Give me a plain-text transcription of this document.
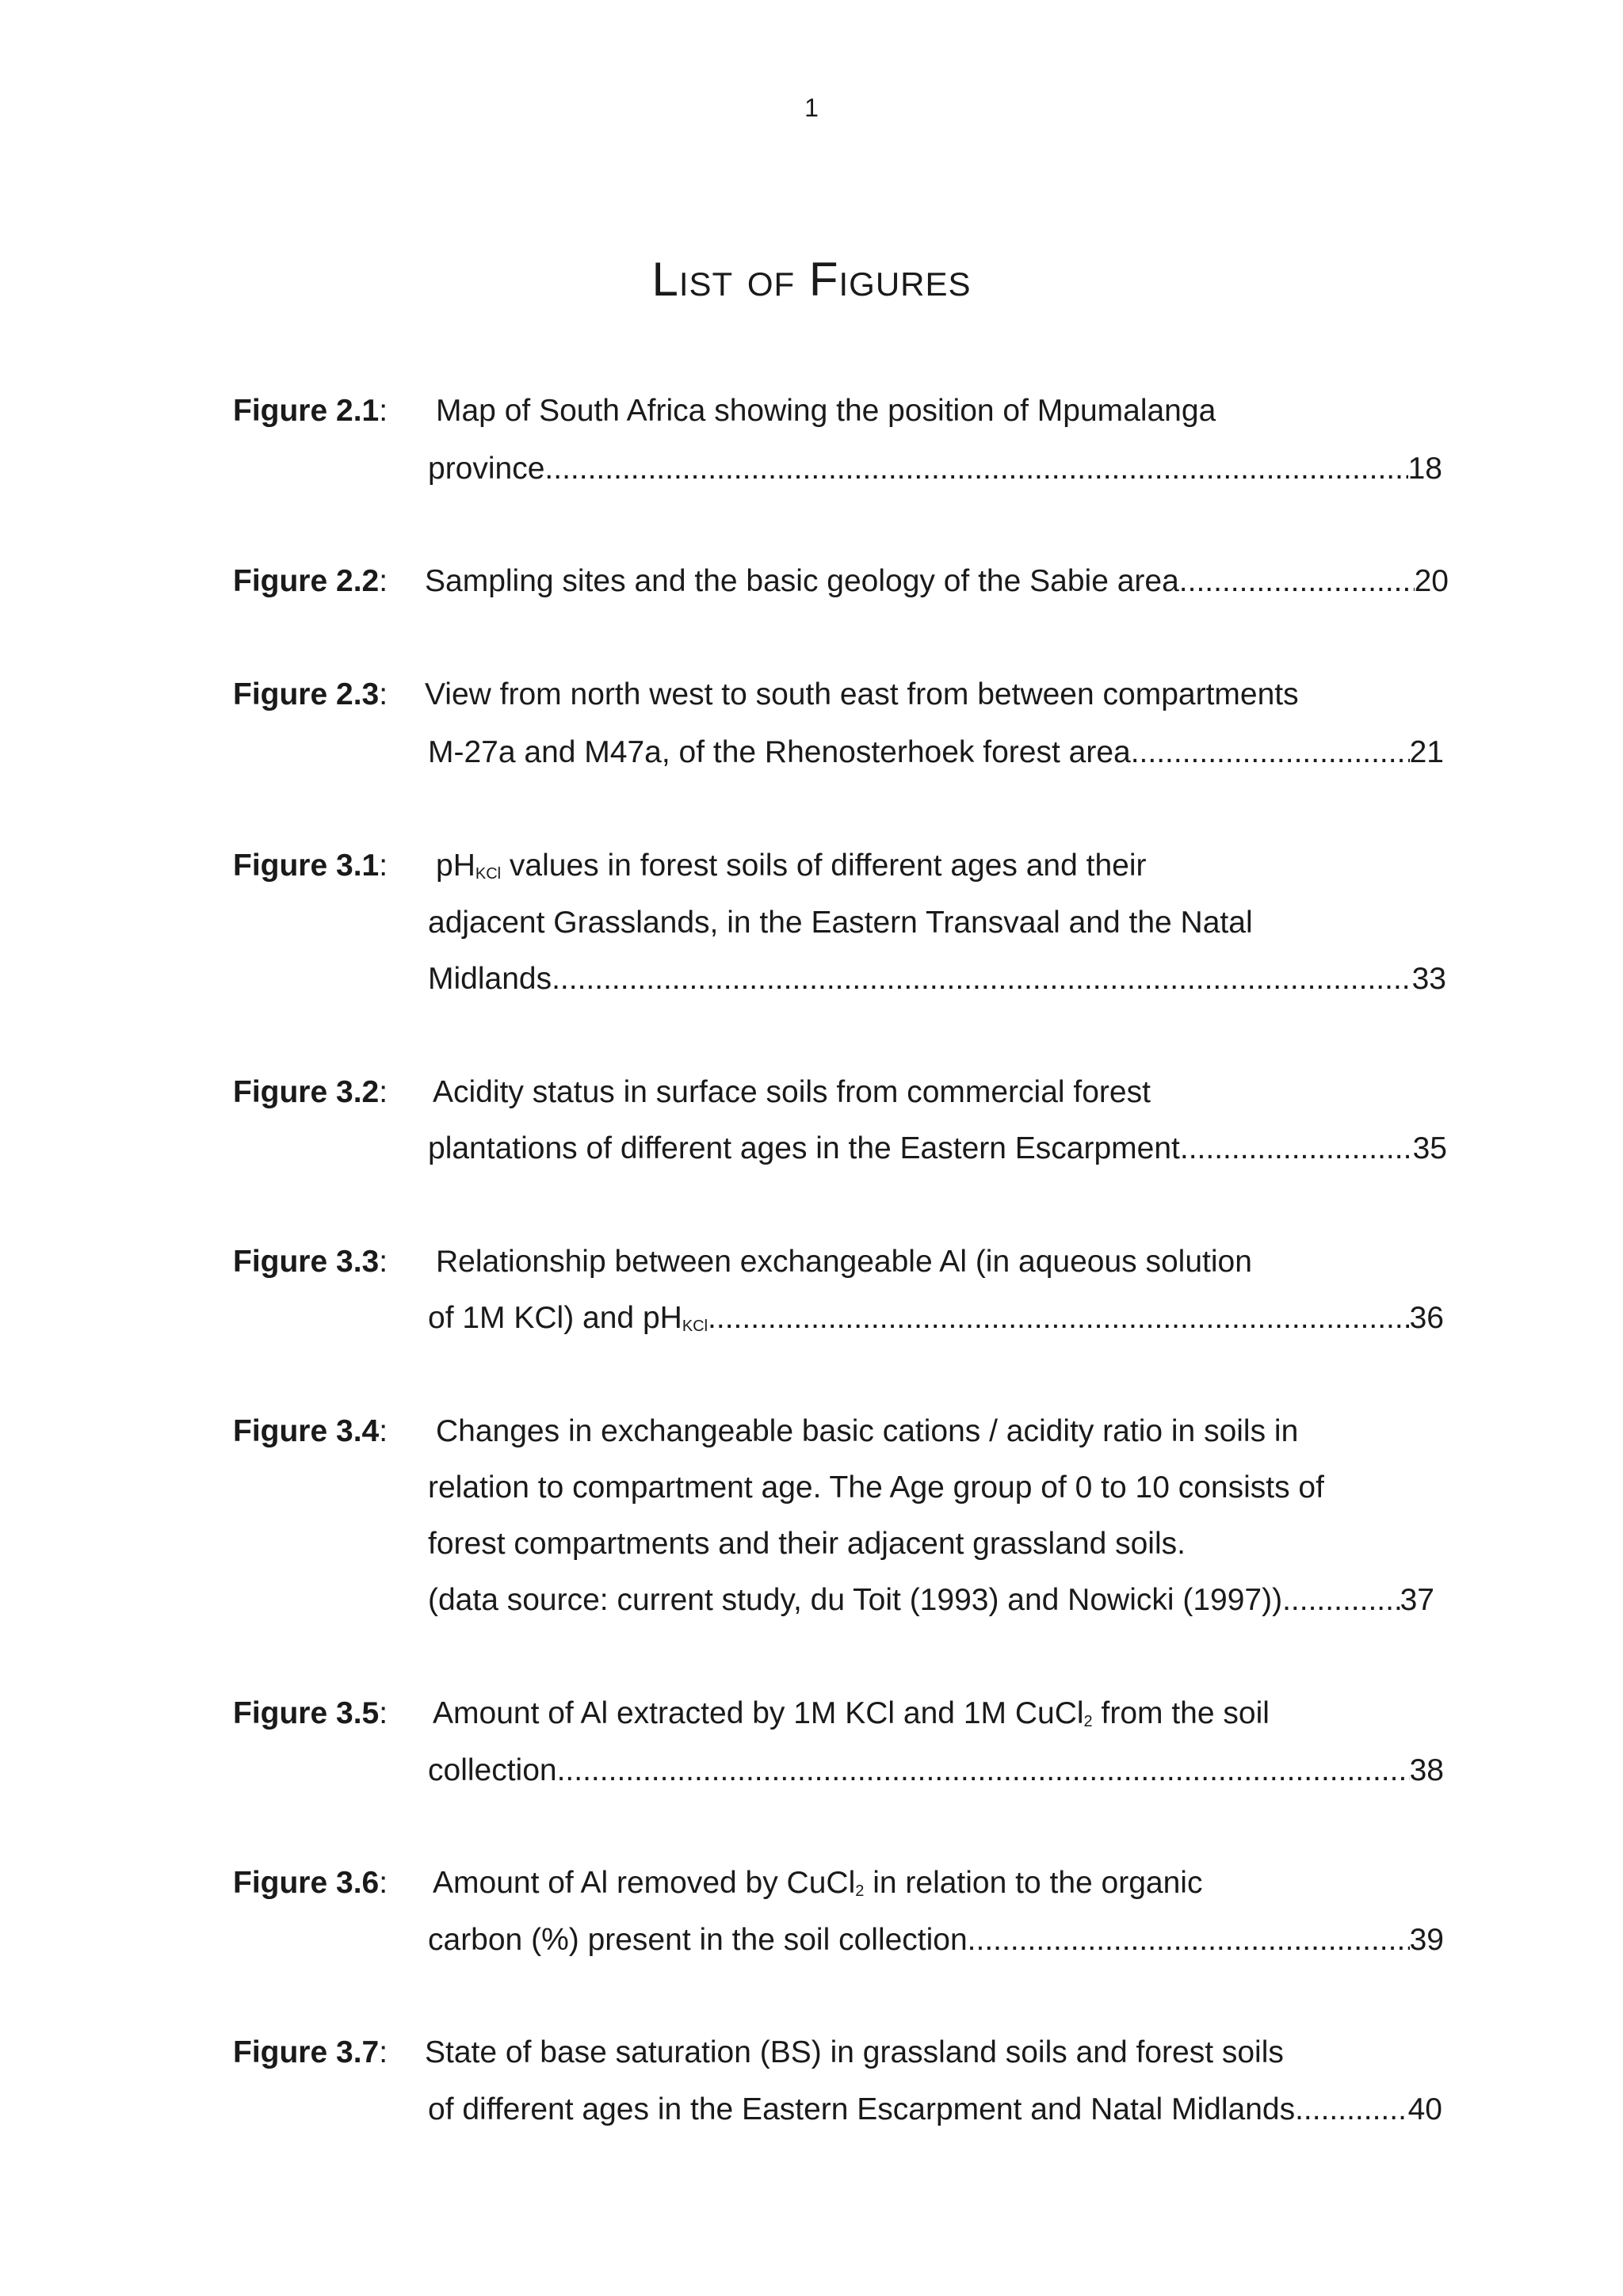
1
List of Figures
Figure 2.1: Map of South Africa showing the position of Mpumalanga
province .....	18
Figure 2.2: Sampling sites and the basic geology of the Sabie area .....	20
Figure 2.3: View from north west to south east from between compartments
M-27a and M47a, of the Rhenosterhoek forest area .....	21
Figure 3.1: $pH_{KCl}$ values in forest soils of different ages and their
adjacent Grasslands, in the Eastern Transvaal and the Natal
Midlands .....	33
Figure 3.2: Acidity status in surface soils from commercial forest
plantations of different ages in the Eastern Escarpment .....	35
Figure 3.3: Relationship between exchangeable Al (in aqueous solution
of 1M KCl) and $pH_{KCl}$ .....	36
Figure 3.4: Changes in exchangeable basic cations / acidity ratio in soils in
relation to compartment age. The Age group of 0 to 10 consists of
forest compartments and their adjacent grassland soils.
(data source: current study, du Toit (1993) and Nowicki (1997)) .....	37
Figure 3.5: Amount of Al extracted by 1M KCl and 1M CuCl$_2$ from the soil
collection .....	38
Figure 3.6: Amount of Al removed by CuCl$_2$ in relation to the organic
carbon (%) present in the soil collection .....	39
Figure 3.7: State of base saturation (BS) in grassland soils and forest soils
of different ages in the Eastern Escarpment and Natal Midlands .....	40
